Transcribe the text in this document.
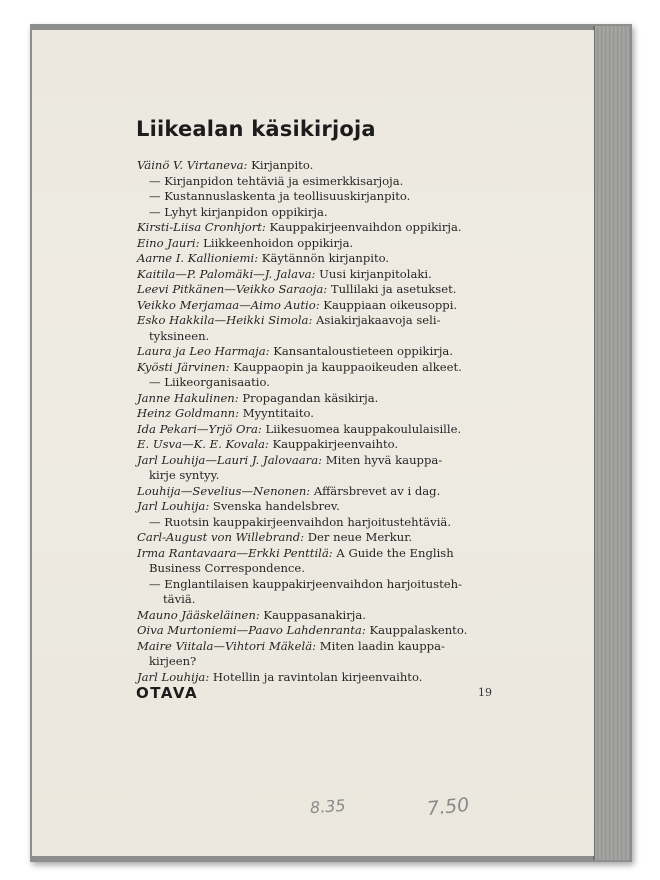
Liikealan käsikirjoja
Väinö V. Virtaneva: Kirjanpito.
— Kirjanpidon tehtäviä ja esimerkkisarjoja.
— Kustannuslaskenta ja teollisuuskirjanpito.
— Lyhyt kirjanpidon oppikirja.
Kirsti-Liisa Cronhjort: Kauppakirjeenvaihdon oppikirja.
Eino Jauri: Liikkeenhoidon oppikirja.
Aarne I. Kallioniemi: Käytännön kirjanpito.
Kaitila—P. Palomäki—J. Jalava: Uusi kirjanpitolaki.
Leevi Pitkänen—Veikko Saraoja: Tullilaki ja asetukset.
Veikko Merjamaa—Aimo Autio: Kauppiaan oikeusoppi.
Esko Hakkila—Heikki Simola: Asiakirjakaavoja seli-
tyksineen.
Laura ja Leo Harmaja: Kansantaloustieteen oppikirja.
Kyösti Järvinen: Kauppaopin ja kauppaoikeuden alkeet.
— Liikeorganisaatio.
Janne Hakulinen: Propagandan käsikirja.
Heinz Goldmann: Myyntitaito.
Ida Pekari—Yrjö Ora: Liikesuomea kauppakoululaisille.
E. Usva—K. E. Kovala: Kauppakirjeenvaihto.
Jarl Louhija—Lauri J. Jalovaara: Miten hyvä kauppa-
kirje syntyy.
Louhija—Sevelius—Nenonen: Affärsbrevet av i dag.
Jarl Louhija: Svenska handelsbrev.
— Ruotsin kauppakirjeenvaihdon harjoitustehtäviä.
Carl-August von Willebrand: Der neue Merkur.
Irma Rantavaara—Erkki Penttilä: A Guide the English
Business Correspondence.
— Englantilaisen kauppakirjeenvaihdon harjoitusteh-
täviä.
Mauno Jääskeläinen: Kauppasanakirja.
Oiva Murtoniemi—Paavo Lahdenranta: Kauppalaskento.
Maire Viitala—Vihtori Mäkelä: Miten laadin kauppa-
kirjeen?
Jarl Louhija: Hotellin ja ravintolan kirjeenvaihto.
OTAVA	19
8.35	7.50
